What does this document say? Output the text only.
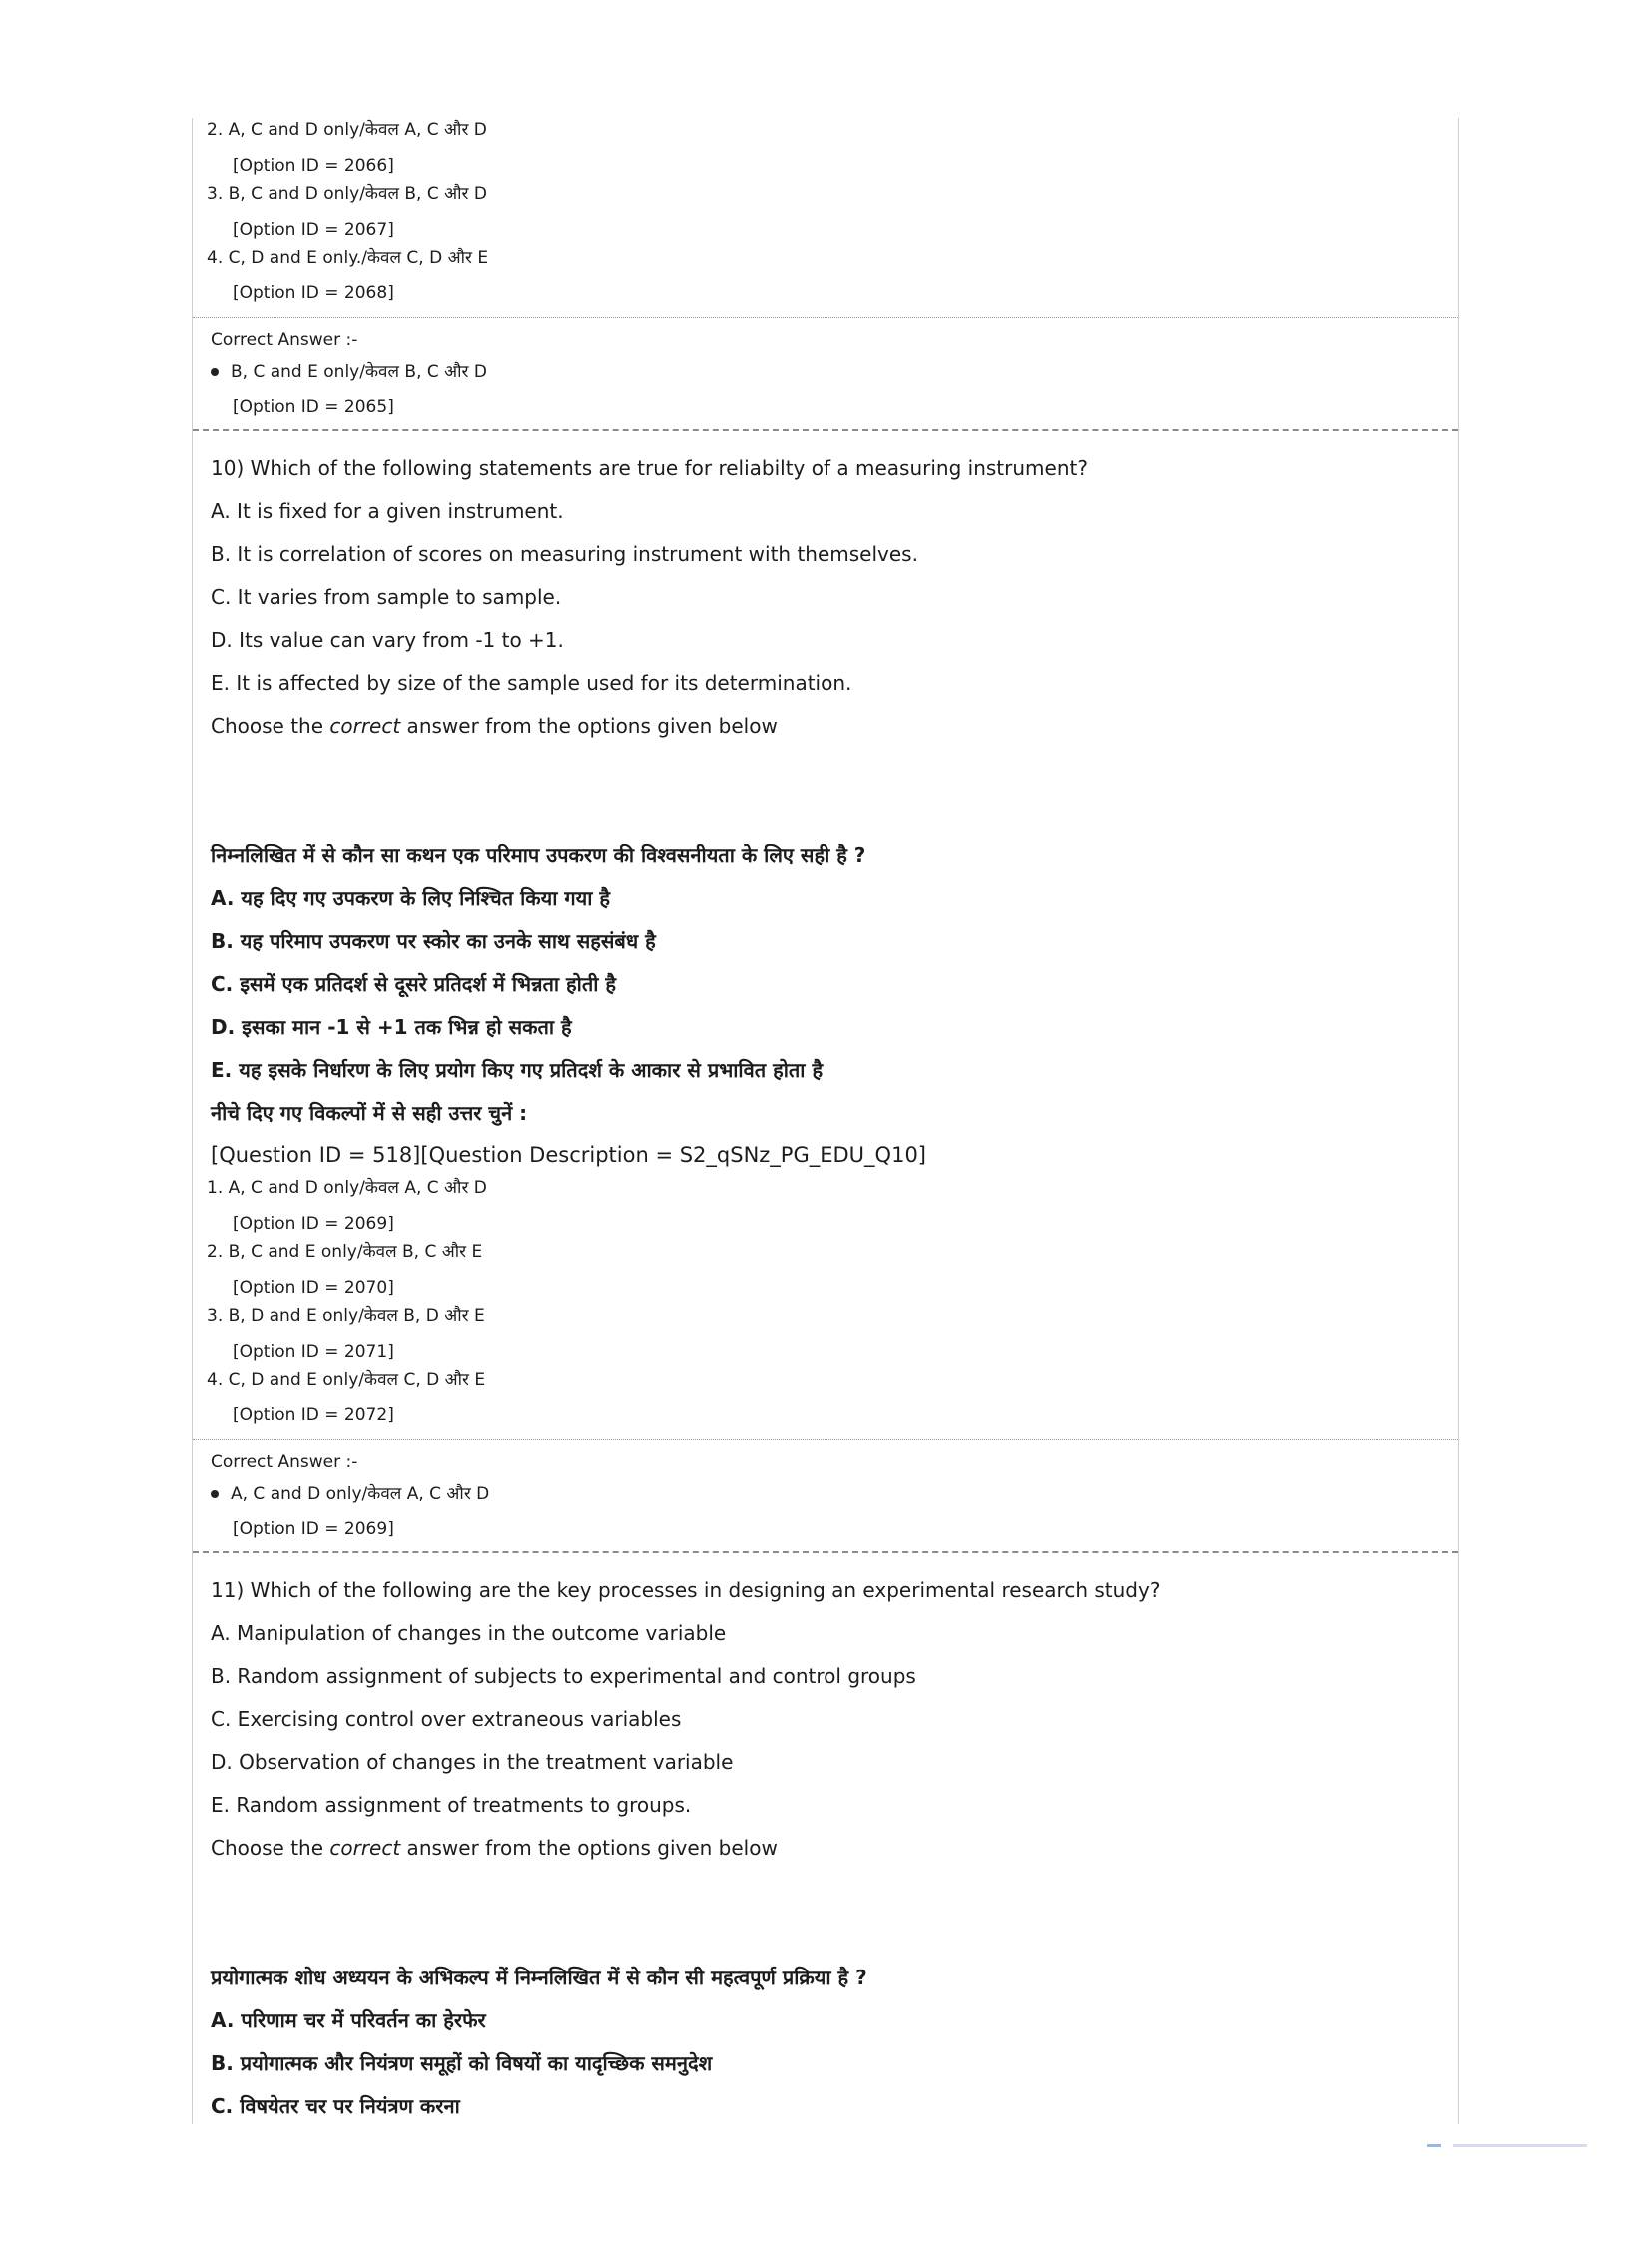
2. A, C and D only/केवल A, C और D
[Option ID = 2066]
3. B, C and D only/केवल B, C और D
[Option ID = 2067]
4. C, D and E only./केवल C, D और E
[Option ID = 2068]
Correct Answer :-
B, C and E only/केवल B, C और D
[Option ID = 2065]
10) Which of the following statements are true for reliabilty of a measuring instrument?
A. It is fixed for a given instrument.
B. It is correlation of scores on measuring instrument with themselves.
C. It varies from sample to sample.
D. Its value can vary from -1 to +1.
E. It is affected by size of the sample used for its determination.
Choose the correct answer from the options given below
निम्नलिखित में से कौन सा कथन एक परिमाप उपकरण की विश्वसनीयता के लिए सही है ?
A. यह दिए गए उपकरण के लिए निश्चित किया गया है
B. यह परिमाप उपकरण पर स्कोर का उनके साथ सहसंबंध है
C. इसमें एक प्रतिदर्श से दूसरे प्रतिदर्श में भिन्नता होती है
D. इसका मान -1 से +1 तक भिन्न हो सकता है
E. यह इसके निर्धारण के लिए प्रयोग किए गए प्रतिदर्श के आकार से प्रभावित होता है
नीचे दिए गए विकल्पों में से सही उत्तर चुनें :
[Question ID = 518][Question Description = S2_qSNz_PG_EDU_Q10]
1. A, C and D only/केवल A, C और D
[Option ID = 2069]
2. B, C and E only/केवल B, C और E
[Option ID = 2070]
3. B, D and E only/केवल B, D और E
[Option ID = 2071]
4. C, D and E only/केवल C, D और E
[Option ID = 2072]
Correct Answer :-
A, C and D only/केवल A, C और D
[Option ID = 2069]
11) Which of the following are the key processes in designing an experimental research study?
A. Manipulation of changes in the outcome variable
B. Random assignment of subjects to experimental and control groups
C. Exercising control over extraneous variables
D. Observation of changes in the treatment variable
E. Random assignment of treatments to groups.
Choose the correct answer from the options given below
प्रयोगात्मक शोध अध्ययन के अभिकल्प में निम्नलिखित में से कौन सी महत्वपूर्ण प्रक्रिया है ?
A. परिणाम चर में परिवर्तन का हेरफेर
B. प्रयोगात्मक और नियंत्रण समूहों को विषयों का यादृच्छिक समनुदेश
C. विषयेतर चर पर नियंत्रण करना
